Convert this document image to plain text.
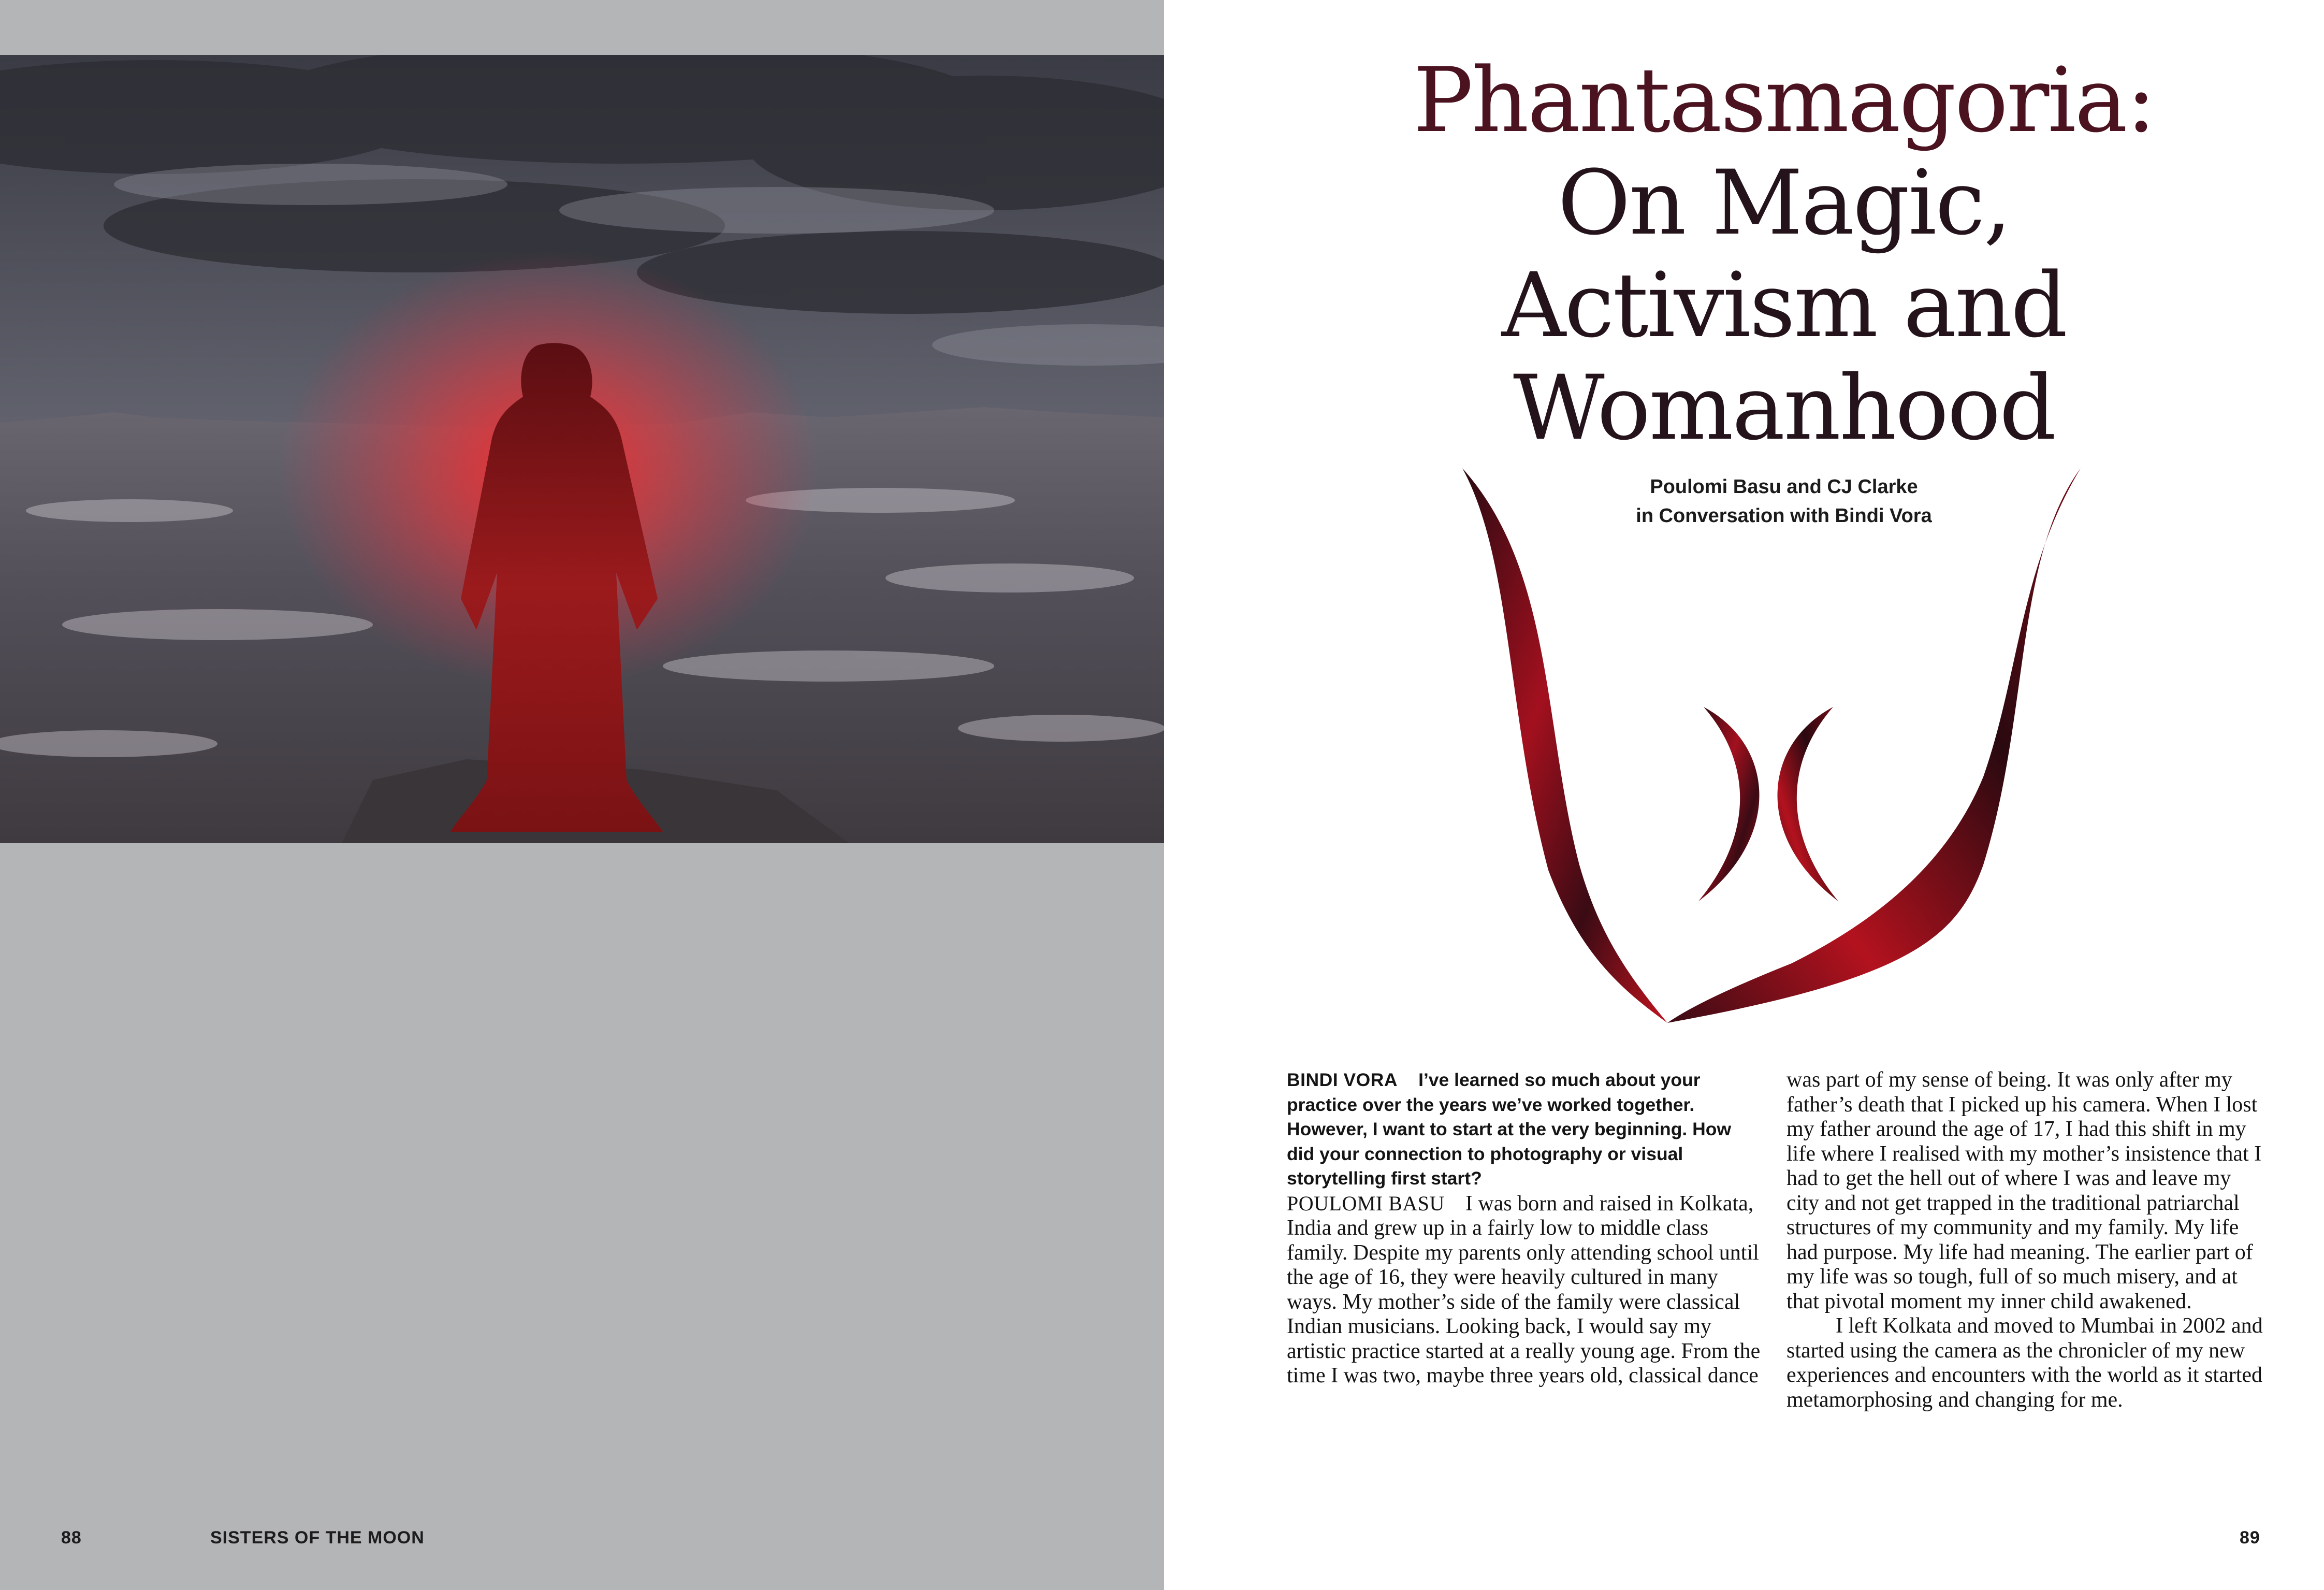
88	SISTERS OF THE MOON
Phantasmagoria:
On Magic,
Activism and
Womanhood
Poulomi Basu and CJ Clarke
in Conversation with Bindi Vora

BINDI VORA I’ve learned so much about your practice over the years we’ve worked together. However, I want to start at the very beginning. How did your connection to photography or visual storytelling first start?

POULOMI BASU I was born and raised in Kolkata, India and grew up in a fairly low to middle class family. Despite my parents only attending school until the age of 16, they were heavily cultured in many ways. My mother’s side of the family were classical Indian musicians. Looking back, I would say my artistic practice started at a really young age. From the time I was two, maybe three years old, classical dance

was part of my sense of being. It was only after my father’s death that I picked up his camera. When I lost my father around the age of 17, I had this shift in my life where I realised with my mother’s insistence that I had to get the hell out of where I was and leave my city and not get trapped in the traditional patriarchal structures of my community and my family. My life had purpose. My life had meaning. The earlier part of my life was so tough, full of so much misery, and at that pivotal moment my inner child awakened.

I left Kolkata and moved to Mumbai in 2002 and started using the camera as the chronicler of my new experiences and encounters with the world as it started metamorphosing and changing for me.

89
